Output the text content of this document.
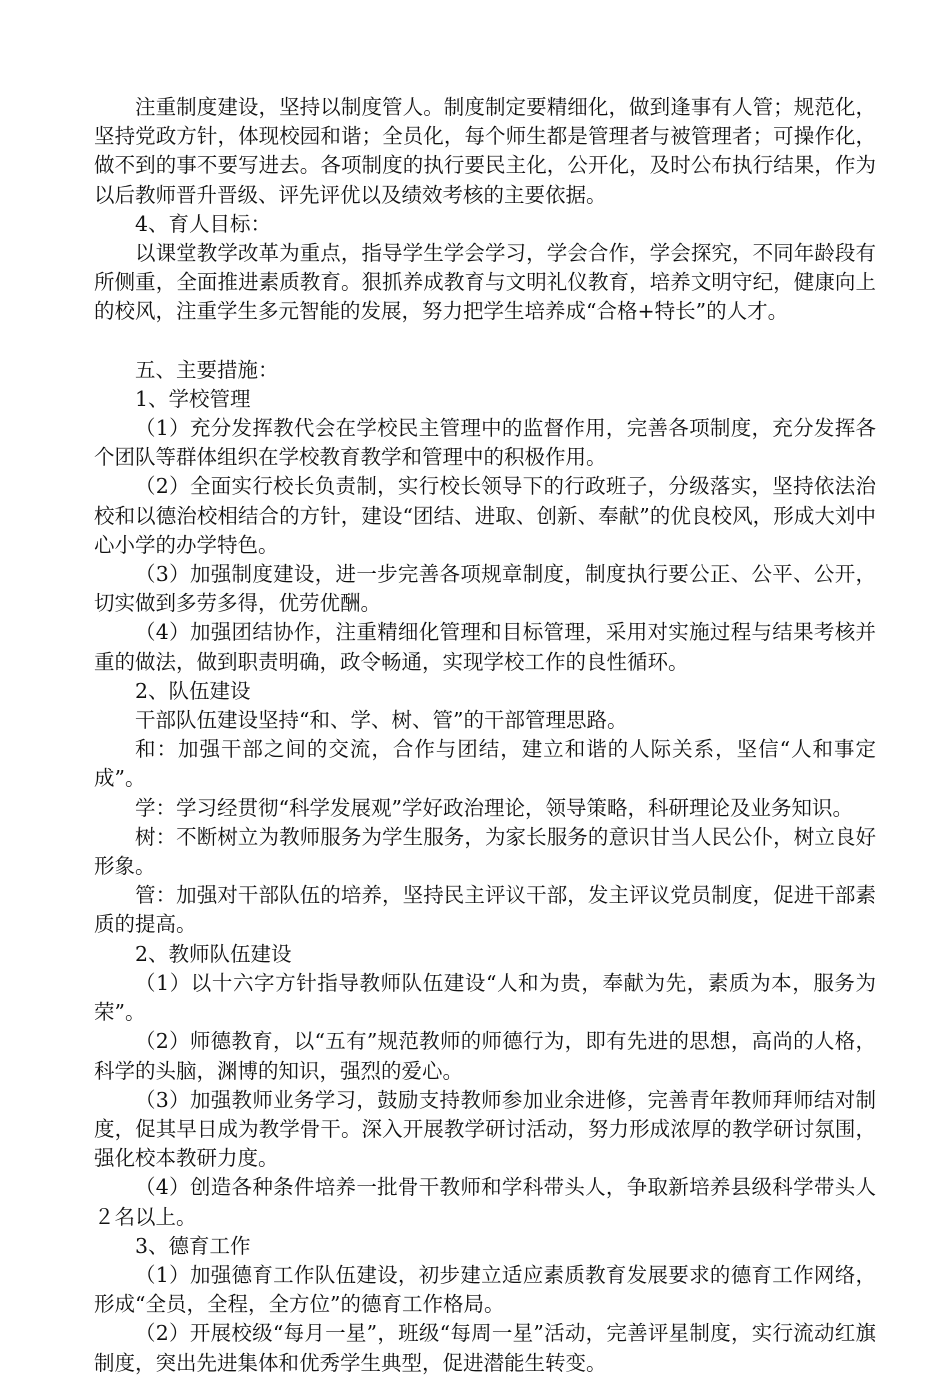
注重制度建设，坚持以制度管人。制度制定要精细化，做到逢事有人管；规范化，坚持党政方针，体现校园和谐；全员化，每个师生都是管理者与被管理者；可操作化，做不到的事不要写进去。各项制度的执行要民主化，公开化，及时公布执行结果，作为以后教师晋升晋级、评先评优以及绩效考核的主要依据。

4、育人目标：

以课堂教学改革为重点，指导学生学会学习，学会合作，学会探究，不同年龄段有所侧重，全面推进素质教育。狠抓养成教育与文明礼仪教育，培养文明守纪，健康向上的校风，注重学生多元智能的发展，努力把学生培养成“合格+特长”的人才。

五、主要措施：

1、学校管理

（1）充分发挥教代会在学校民主管理中的监督作用，完善各项制度，充分发挥各个团队等群体组织在学校教育教学和管理中的积极作用。

（2）全面实行校长负责制，实行校长领导下的行政班子，分级落实，坚持依法治校和以德治校相结合的方针，建设“团结、进取、创新、奉献”的优良校风，形成大刘中心小学的办学特色。

（3）加强制度建设，进一步完善各项规章制度，制度执行要公正、公平、公开，切实做到多劳多得，优劳优酬。

（4）加强团结协作，注重精细化管理和目标管理，采用对实施过程与结果考核并重的做法，做到职责明确，政令畅通，实现学校工作的良性循环。

2、队伍建设

干部队伍建设坚持“和、学、树、管”的干部管理思路。

和：加强干部之间的交流，合作与团结，建立和谐的人际关系，坚信“人和事定成”。

学：学习经贯彻“科学发展观”学好政治理论，领导策略，科研理论及业务知识。

树：不断树立为教师服务为学生服务，为家长服务的意识甘当人民公仆，树立良好形象。

管：加强对干部队伍的培养，坚持民主评议干部，发主评议党员制度，促进干部素质的提高。

2、教师队伍建设

（1）以十六字方针指导教师队伍建设“人和为贵，奉献为先，素质为本，服务为荣”。

（2）师德教育，以“五有”规范教师的师德行为，即有先进的思想，高尚的人格，科学的头脑，渊博的知识，强烈的爱心。

（3）加强教师业务学习，鼓励支持教师参加业余进修，完善青年教师拜师结对制度，促其早日成为教学骨干。深入开展教学研讨活动，努力形成浓厚的教学研讨氛围，强化校本教研力度。

（4）创造各种条件培养一批骨干教师和学科带头人，争取新培养县级科学带头人２名以上。

3、德育工作

（1）加强德育工作队伍建设，初步建立适应素质教育发展要求的德育工作网络，形成“全员，全程，全方位”的德育工作格局。

（2）开展校级“每月一星”，班级“每周一星”活动，完善评星制度，实行流动红旗制度，突出先进集体和优秀学生典型，促进潜能生转变。
